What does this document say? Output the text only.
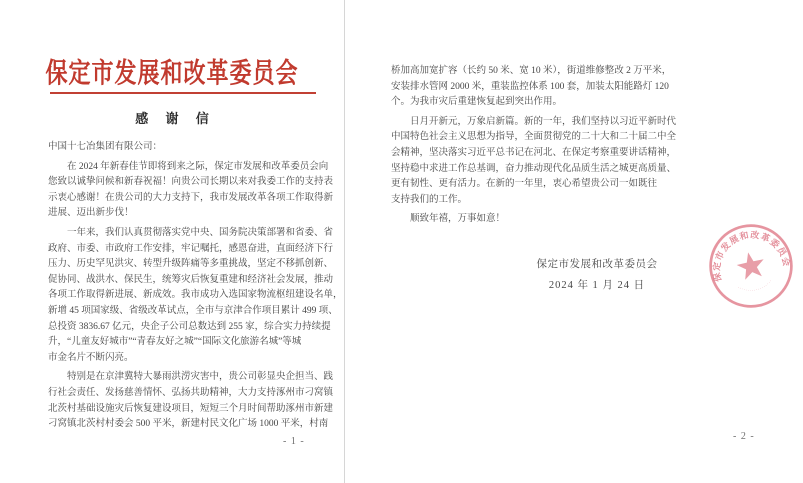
保定市发展和改革委员会
感 谢 信
中国十七冶集团有限公司：
　　在 2024 年新春佳节即将到来之际，保定市发展和改革委员会向
您致以诚挚问候和新春祝福！向贵公司长期以来对我委工作的支持表
示衷心感谢！在贵公司的大力支持下，我市发展改革各项工作取得新
进展、迈出新步伐！
　　一年来，我们认真贯彻落实党中央、国务院决策部署和省委、省
政府、市委、市政府工作安排，牢记嘱托，感恩奋进，直面经济下行
压力、历史罕见洪灾、转型升级阵痛等多重挑战，坚定不移抓创新、
促协同、战洪水、保民生，统筹灾后恢复重建和经济社会发展，推动
各项工作取得新进展、新成效。我市成功入选国家物流枢纽建设名单，
新增 45 项国家级、省级改革试点，全市与京津合作项目累计 499 项、
总投资 3836.67 亿元，央企子公司总数达到 255 家，综合实力持续提
升，“儿童友好城市”“青春友好之城”“国际文化旅游名城”等城
市金名片不断闪亮。
　　特别是在京津冀特大暴雨洪涝灾害中，贵公司彰显央企担当、践
行社会责任、发扬慈善情怀、弘扬共助精神，大力支持涿州市刁窝镇
北茨村基础设施灾后恢复建设项目，短短三个月时间帮助涿州市新建
刁窝镇北茨村村委会 500 平米，新建村民文化广场 1000 平米，村南
- 1 -
桥加高加宽扩容（长约 50 米、宽 10 米），街道维修整改 2 万平米，
安装排水管网 2000 米，重装监控体系 100 套，加装太阳能路灯 120
个。为我市灾后重建恢复起到突出作用。
　　日月开新元，万象启新篇。新的一年，我们坚持以习近平新时代
中国特色社会主义思想为指导，全面贯彻党的二十大和二十届二中全
会精神，坚决落实习近平总书记在河北、在保定考察重要讲话精神，
坚持稳中求进工作总基调，奋力推动现代化品质生活之城更高质量、
更有韧性、更有活力。在新的一年里，衷心希望贵公司一如既往
支持我们的工作。
　　顺致年禧，万事如意！
保定市发展和改革委员会
2024 年 1 月 24 日
保定市发展和改革委员会
··················
- 2 -
